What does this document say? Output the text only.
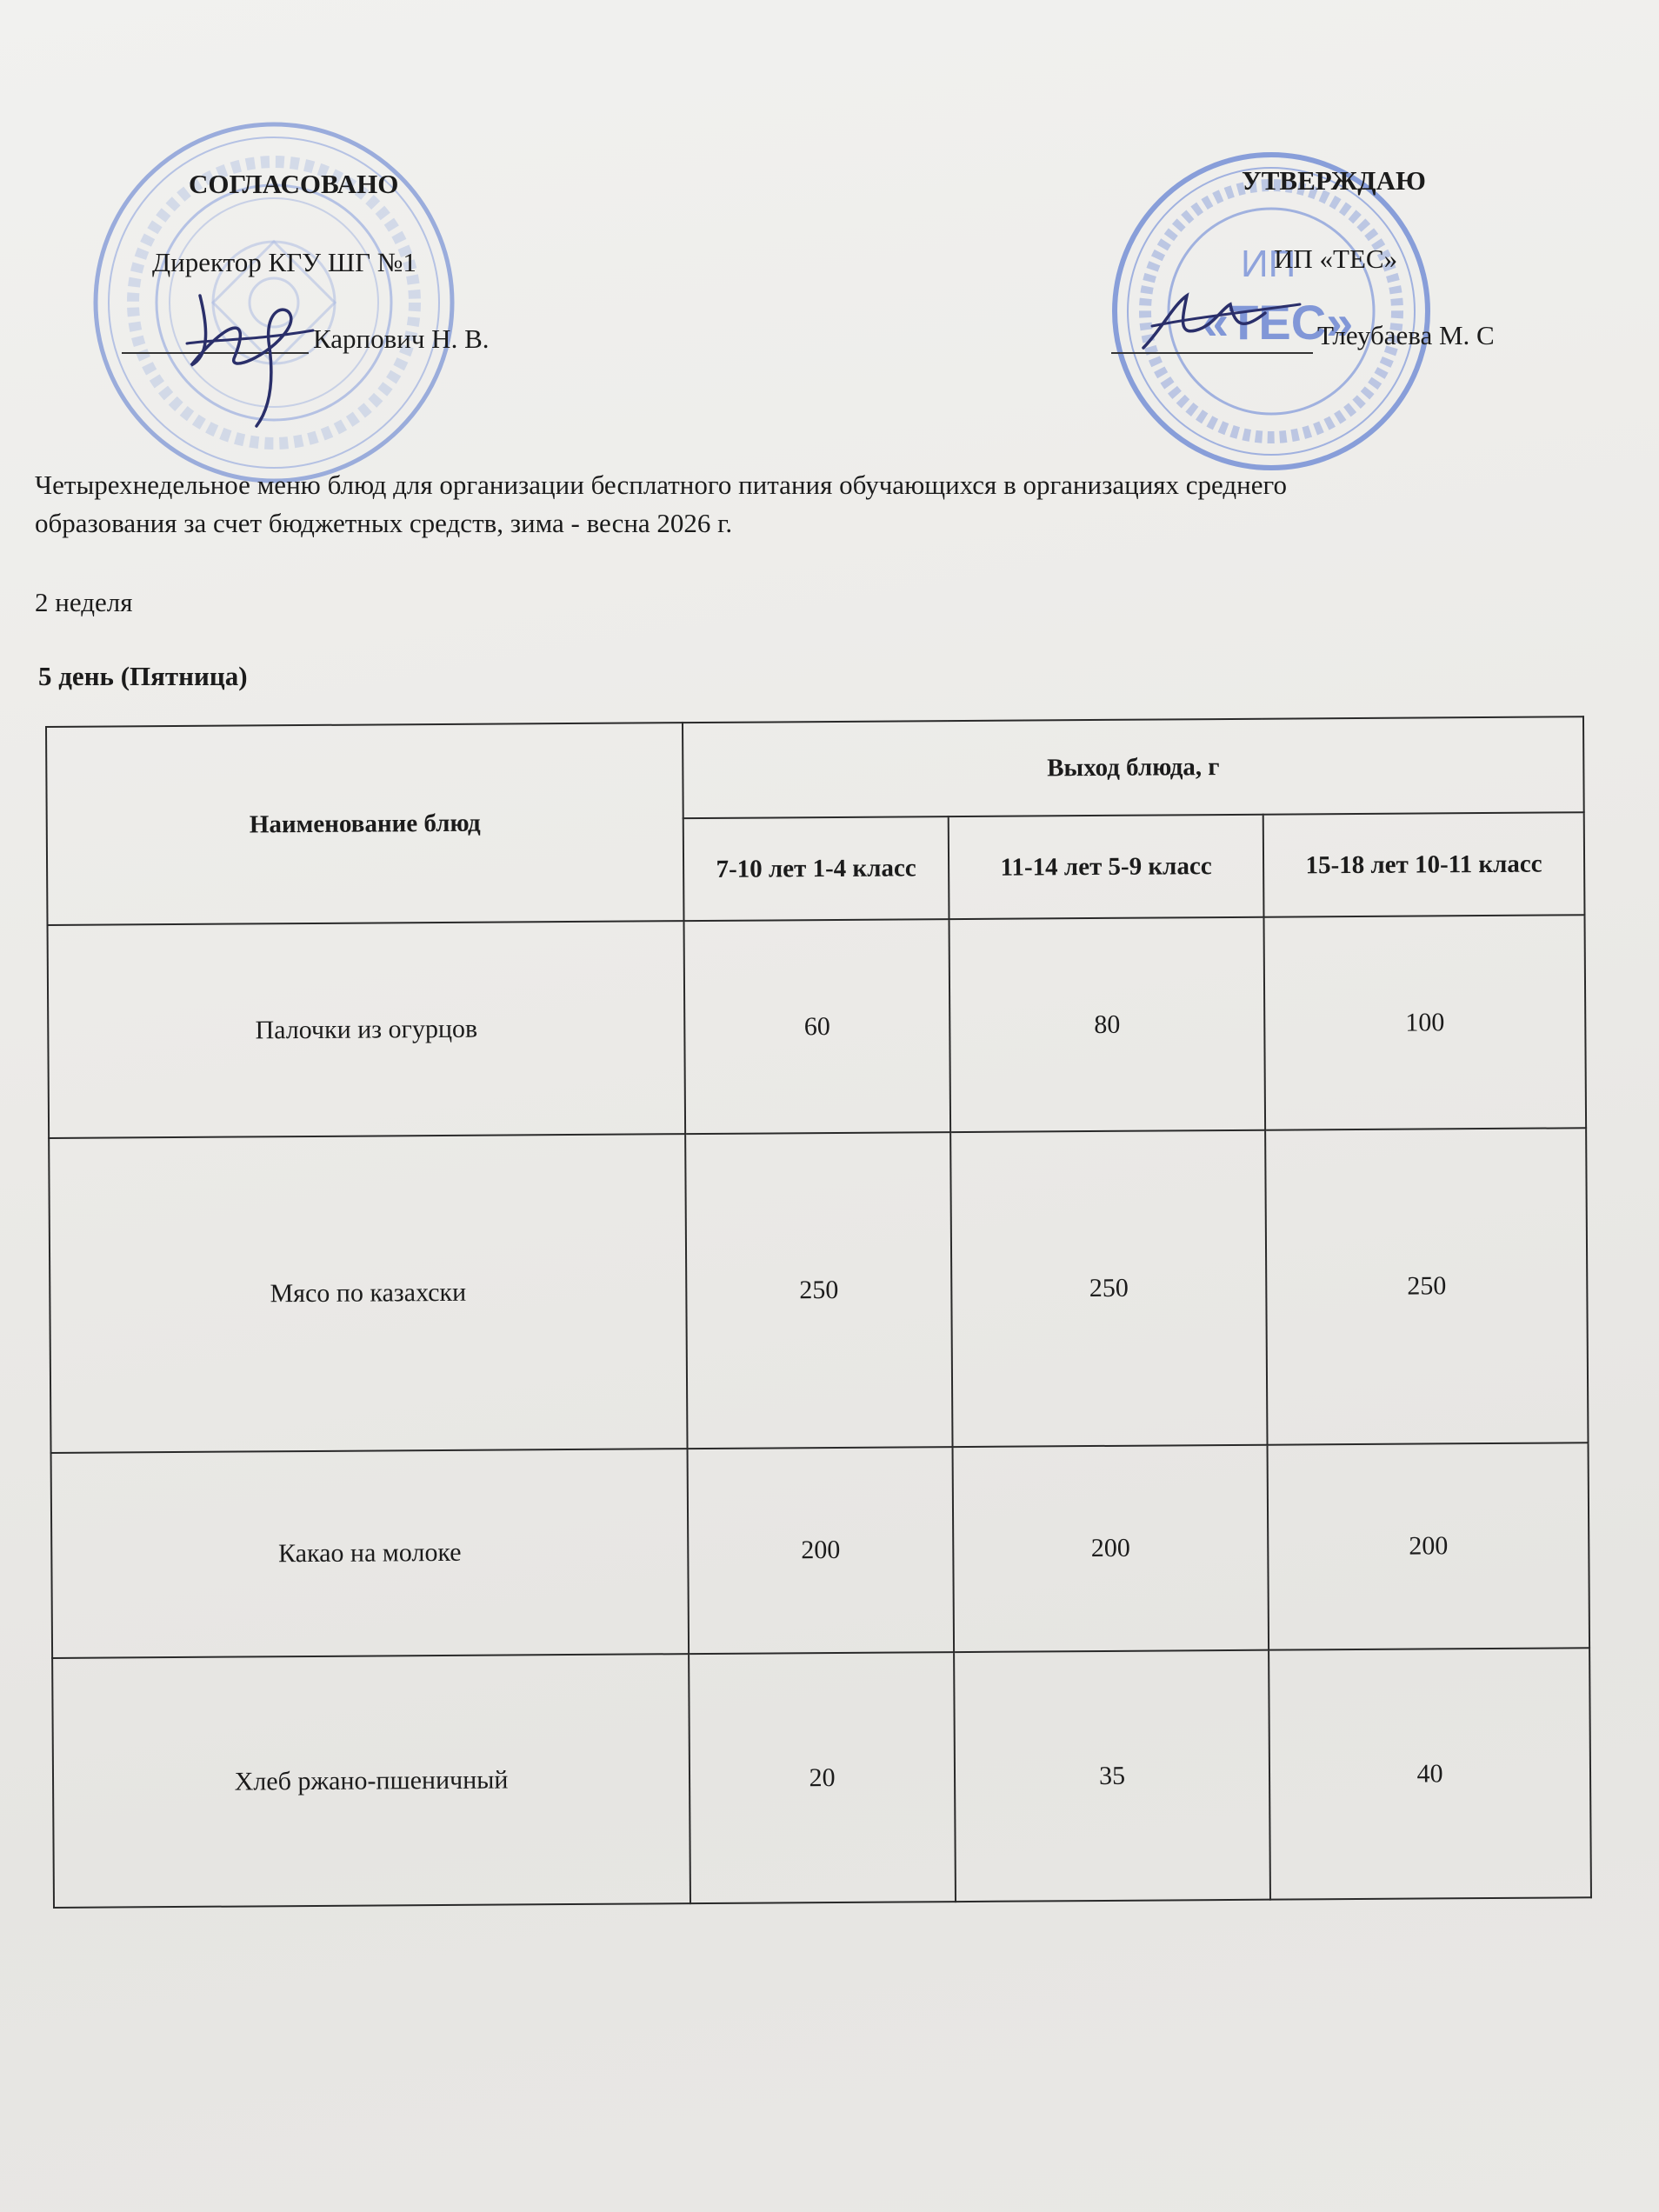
ИП
«ТЕС»
СОГЛАСОВАНО
Директор КГУ ШГ №1
Карпович Н. В.
УТВЕРЖДАЮ
ИП «ТЕС»
Тлеубаева М. С
Четырехнедельное меню блюд для организации бесплатного питания обучающихся в организациях среднего
образования за счет бюджетных средств, зима - весна 2026 г.
2 неделя
5 день (Пятница)
Наименование блюд	Выход блюда, г		
	7-10 лет 1-4 класс	11-14 лет 5-9 класс	15-18 лет 10-11 класс
Палочки из огурцов	60	80	100
Мясо по казахски	250	250	250
Какао на молоке	200	200	200
Хлеб ржано-пшеничный	20	35	40
